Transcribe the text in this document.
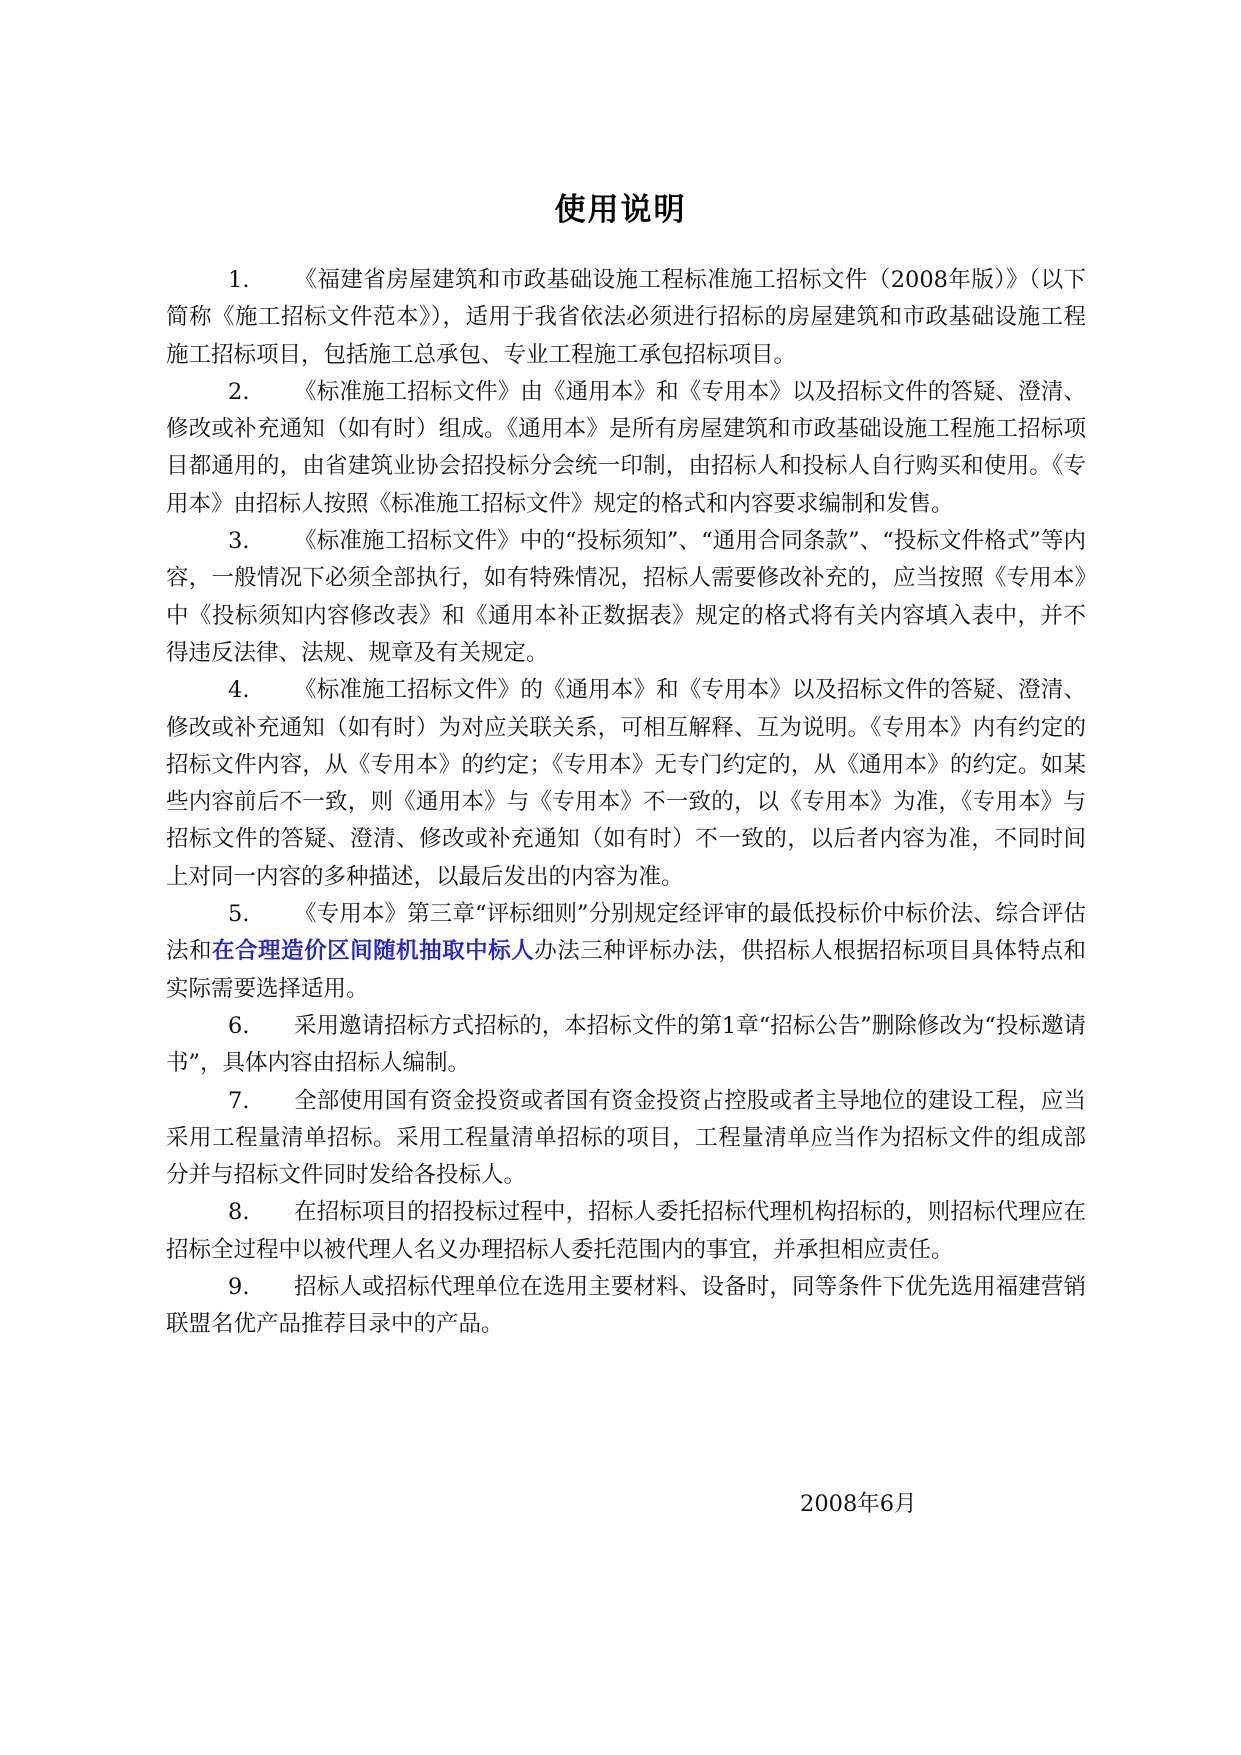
使用说明

1. 《福建省房屋建筑和市政基础设施工程标准施工招标文件（2008年版）》（以下简称《施工招标文件范本》），适用于我省依法必须进行招标的房屋建筑和市政基础设施工程施工招标项目，包括施工总承包、专业工程施工承包招标项目。

2. 《标准施工招标文件》由《通用本》和《专用本》以及招标文件的答疑、澄清、修改或补充通知（如有时）组成。《通用本》是所有房屋建筑和市政基础设施工程施工招标项目都通用的，由省建筑业协会招投标分会统一印制，由招标人和投标人自行购买和使用。《专用本》由招标人按照《标准施工招标文件》规定的格式和内容要求编制和发售。

3. 《标准施工招标文件》中的“投标须知”、“通用合同条款”、“投标文件格式”等内容，一般情况下必须全部执行，如有特殊情况，招标人需要修改补充的，应当按照《专用本》中《投标须知内容修改表》和《通用本补正数据表》规定的格式将有关内容填入表中，并不得违反法律、法规、规章及有关规定。

4. 《标准施工招标文件》的《通用本》和《专用本》以及招标文件的答疑、澄清、修改或补充通知（如有时）为对应关联关系，可相互解释、互为说明。《专用本》内有约定的招标文件内容，从《专用本》的约定；《专用本》无专门约定的，从《通用本》的约定。如某些内容前后不一致，则《通用本》与《专用本》不一致的，以《专用本》为准，《专用本》与招标文件的答疑、澄清、修改或补充通知（如有时）不一致的，以后者内容为准，不同时间上对同一内容的多种描述，以最后发出的内容为准。

5. 《专用本》第三章“评标细则”分别规定经评审的最低投标价中标价法、综合评估法和在合理造价区间随机抽取中标人办法三种评标办法，供招标人根据招标项目具体特点和实际需要选择适用。

6. 采用邀请招标方式招标的，本招标文件的第1章“招标公告”删除修改为“投标邀请书”，具体内容由招标人编制。

7. 全部使用国有资金投资或者国有资金投资占控股或者主导地位的建设工程，应当采用工程量清单招标。采用工程量清单招标的项目，工程量清单应当作为招标文件的组成部分并与招标文件同时发给各投标人。

8. 在招标项目的招投标过程中，招标人委托招标代理机构招标的，则招标代理应在招标全过程中以被代理人名义办理招标人委托范围内的事宜，并承担相应责任。

9. 招标人或招标代理单位在选用主要材料、设备时，同等条件下优先选用福建营销联盟名优产品推荐目录中的产品。

2008年6月
